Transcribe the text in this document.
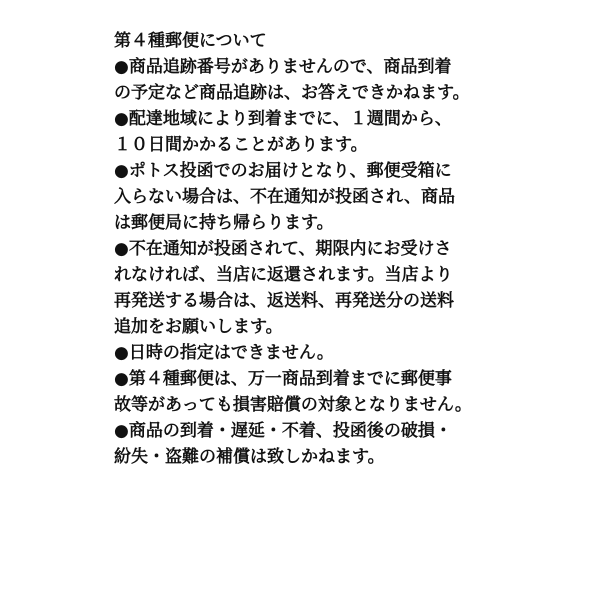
第４種郵便について
●商品追跡番号がありませんので、商品到着
の予定など商品追跡は、お答えできかねます。
●配達地域により到着までに、１週間から、
１０日間かかることがあります。
●ポトス投函でのお届けとなり、郵便受箱に
入らない場合は、不在通知が投函され、商品
は郵便局に持ち帰らります。
●不在通知が投函されて、期限内にお受けさ
れなければ、当店に返還されます。当店より
再発送する場合は、返送料、再発送分の送料
追加をお願いします。
●日時の指定はできません。
●第４種郵便は、万一商品到着までに郵便事
故等があっても損害賠償の対象となりません。
●商品の到着・遅延・不着、投函後の破損・
紛失・盗難の補償は致しかねます。
